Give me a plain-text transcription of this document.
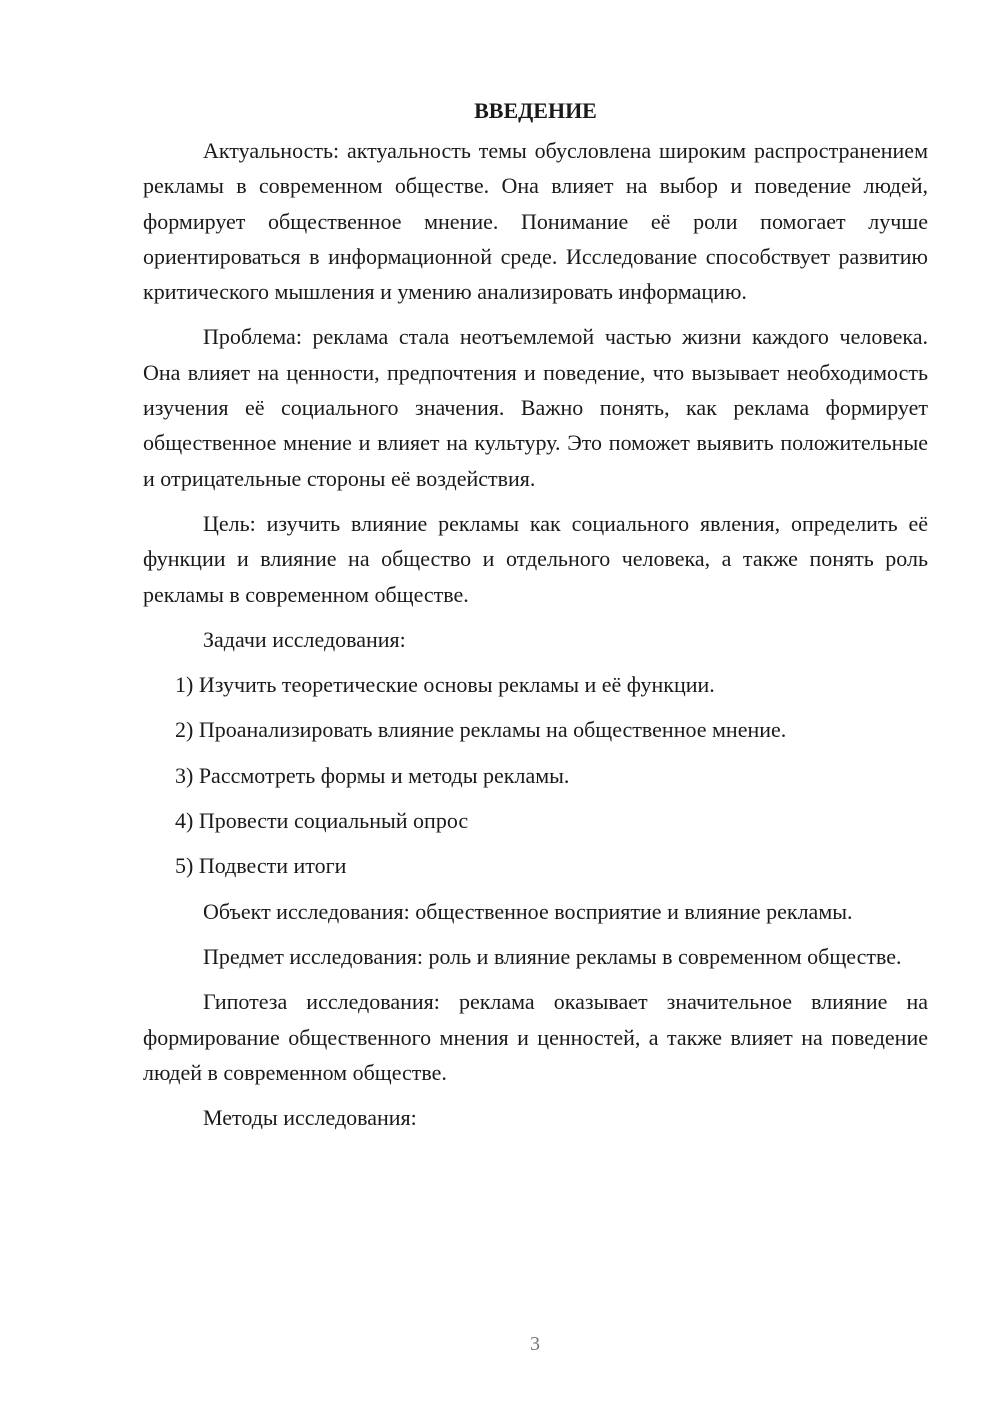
ВВЕДЕНИЕ

Актуальность: актуальность темы обусловлена широким распространением рекламы в современном обществе. Она влияет на выбор и поведение людей, формирует общественное мнение. Понимание её роли помогает лучше ориентироваться в информационной среде. Исследование способствует развитию критического мышления и умению анализировать информацию.

Проблема: реклама стала неотъемлемой частью жизни каждого человека. Она влияет на ценности, предпочтения и поведение, что вызывает необходимость изучения её социального значения. Важно понять, как реклама формирует общественное мнение и влияет на культуру. Это поможет выявить положительные и отрицательные стороны её воздействия.

Цель: изучить влияние рекламы как социального явления, определить её функции и влияние на общество и отдельного человека, а также понять роль рекламы в современном обществе.

Задачи исследования:

1) Изучить теоретические основы рекламы и её функции.

2) Проанализировать влияние рекламы на общественное мнение.

3) Рассмотреть формы и методы рекламы.

4) Провести социальный опрос

5) Подвести итоги

Объект исследования: общественное восприятие и влияние рекламы.

Предмет исследования: роль и влияние рекламы в современном обществе.

Гипотеза исследования: реклама оказывает значительное влияние на формирование общественного мнения и ценностей, а также влияет на поведение людей в современном обществе.

Методы исследования:

3
